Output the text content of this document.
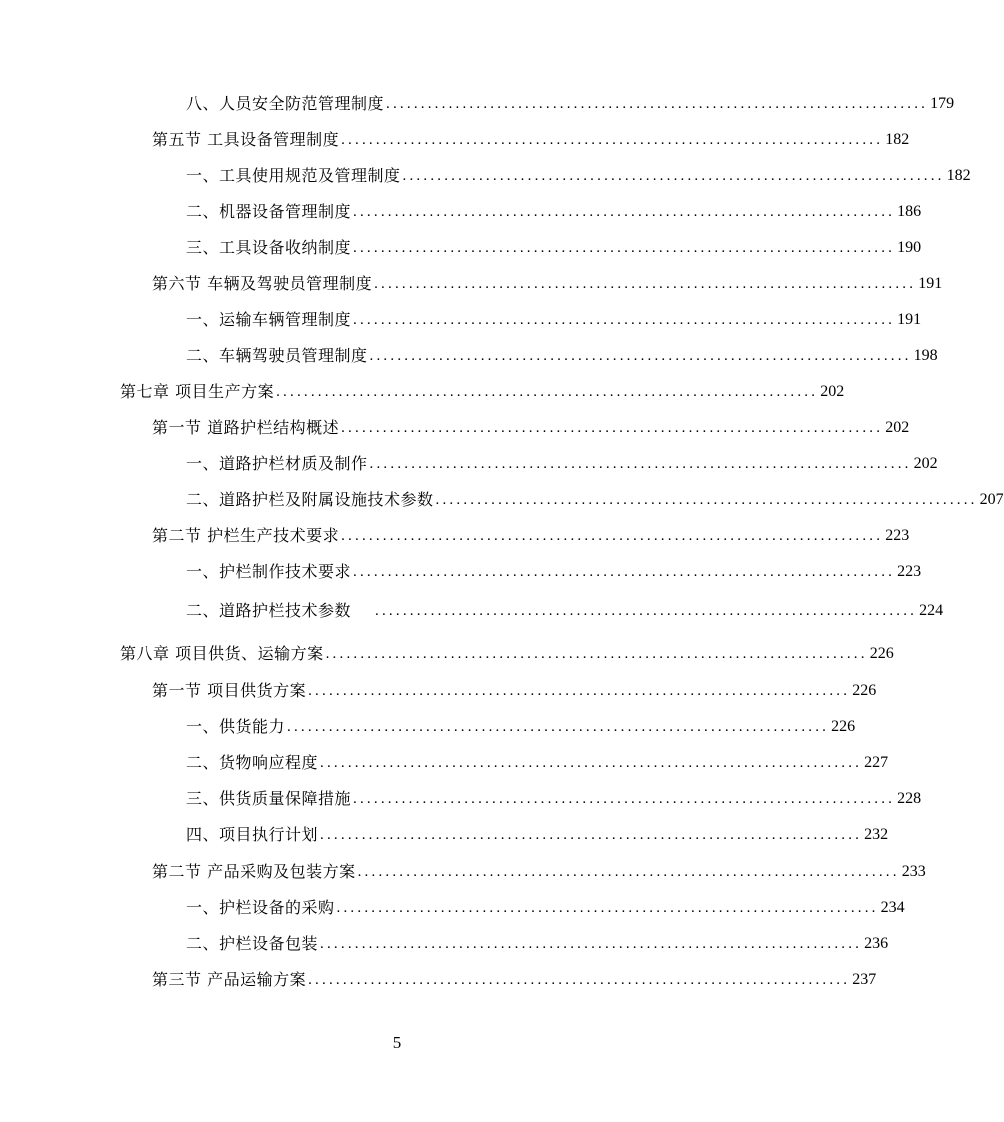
八、人员安全防范管理制度 .............................................................................. 179
第五节 工具设备管理制度 .............................................................................. 182
一、工具使用规范及管理制度 .............................................................................. 182
二、机器设备管理制度 .............................................................................. 186
三、工具设备收纳制度 .............................................................................. 190
第六节 车辆及驾驶员管理制度 .............................................................................. 191
一、运输车辆管理制度 .............................................................................. 191
二、车辆驾驶员管理制度 .............................................................................. 198
第七章 项目生产方案 .............................................................................. 202
第一节 道路护栏结构概述 .............................................................................. 202
一、道路护栏材质及制作 .............................................................................. 202
二、道路护栏及附属设施技术参数 .............................................................................. 207
第二节 护栏生产技术要求 .............................................................................. 223
一、护栏制作技术要求 .............................................................................. 223
二、道路护栏技术参数 .............................................................................. 224
第八章 项目供货、运输方案 .............................................................................. 226
第一节 项目供货方案 .............................................................................. 226
一、供货能力 .............................................................................. 226
二、货物响应程度 .............................................................................. 227
三、供货质量保障措施 .............................................................................. 228
四、项目执行计划 .............................................................................. 232
第二节 产品采购及包装方案 .............................................................................. 233
一、护栏设备的采购 .............................................................................. 234
二、护栏设备包装 .............................................................................. 236
第三节 产品运输方案 .............................................................................. 237
5
